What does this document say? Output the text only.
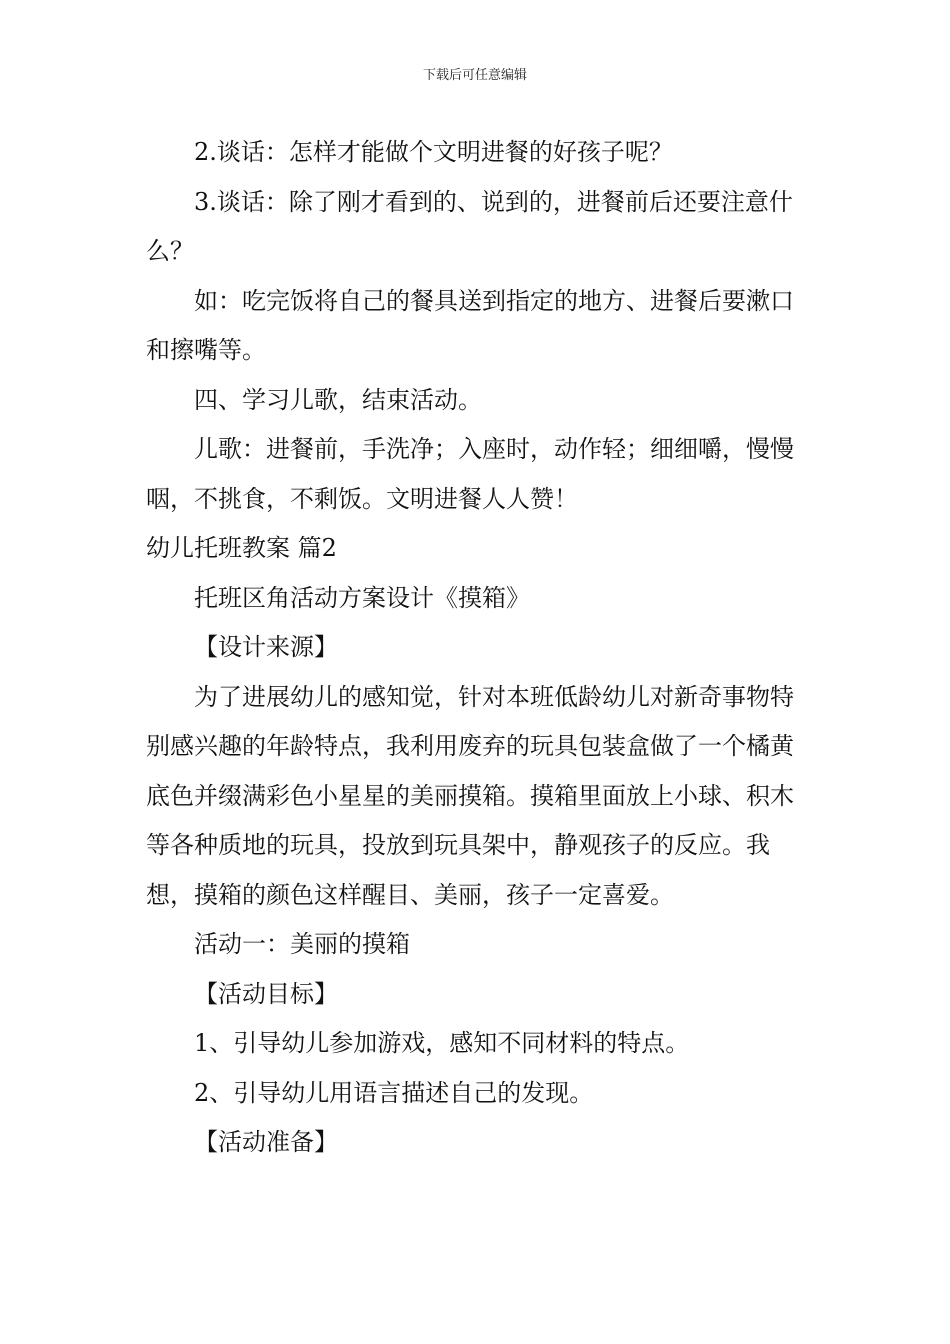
下载后可任意编辑

2.谈话：怎样才能做个文明进餐的好孩子呢？

3.谈话：除了刚才看到的、说到的，进餐前后还要注意什么？

如：吃完饭将自己的餐具送到指定的地方、进餐后要漱口和擦嘴等。

四、学习儿歌，结束活动。

儿歌：进餐前，手洗净；入座时，动作轻；细细嚼，慢慢咽，不挑食，不剩饭。文明进餐人人赞！

幼儿托班教案 篇2

托班区角活动方案设计《摸箱》

【设计来源】

为了进展幼儿的感知觉，针对本班低龄幼儿对新奇事物特别感兴趣的年龄特点，我利用废弃的玩具包装盒做了一个橘黄底色并缀满彩色小星星的美丽摸箱。摸箱里面放上小球、积木等各种质地的玩具，投放到玩具架中，静观孩子的反应。我想，摸箱的颜色这样醒目、美丽，孩子一定喜爱。

活动一：美丽的摸箱

【活动目标】

1、引导幼儿参加游戏，感知不同材料的特点。

2、引导幼儿用语言描述自己的发现。

【活动准备】
